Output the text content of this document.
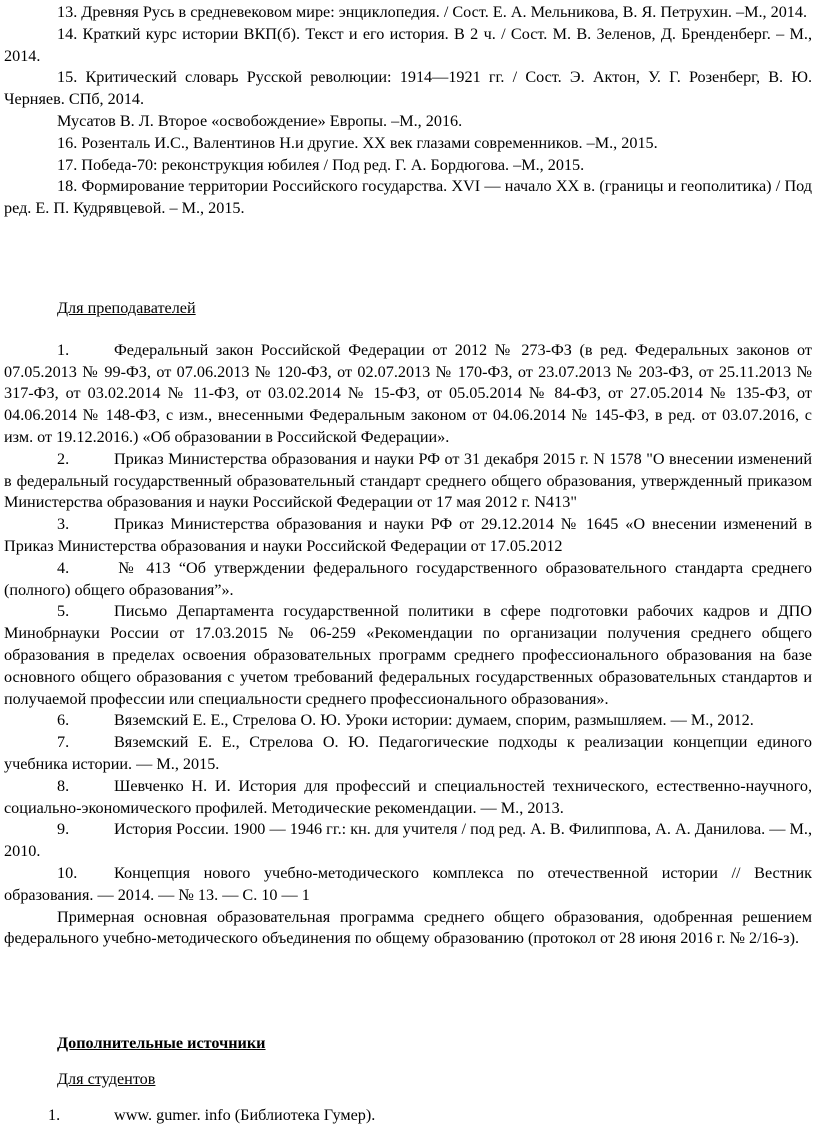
13. Древняя Русь в средневековом мире: энциклопедия. / Сост. Е. А. Мельникова, В. Я. Петрухин. –М., 2014.

14. Краткий курс истории ВКП(б). Текст и его история. В 2 ч. / Сост. М. В. Зеленов, Д. Бренденберг. – М., 2014.

15. Критический словарь Русской революции: 1914—1921 гг. / Сост. Э. Актон, У. Г. Розенберг, В. Ю. Черняев. СПб, 2014.

Мусатов В. Л. Второе «освобождение» Европы. –М., 2016.

16. Розенталь И.С., Валентинов Н.и другие. ХХ век глазами современников. –М., 2015.

17. Победа-70: реконструкция юбилея / Под ред. Г. А. Бордюгова. –М., 2015.

18. Формирование территории Российского государства. XVI — начало XX в. (границы и геополитика) / Под ред. Е. П. Кудрявцевой. – М., 2015.

Для преподавателей

1.	Федеральный закон Российской Федерации от 2012 № 273-ФЗ (в ред. Федеральных законов от 07.05.2013 № 99-ФЗ, от 07.06.2013 № 120-ФЗ, от 02.07.2013 № 170-ФЗ, от 23.07.2013 № 203-ФЗ, от 25.11.2013 № 317-ФЗ, от 03.02.2014 № 11-ФЗ, от 03.02.2014 № 15-ФЗ, от 05.05.2014 № 84-ФЗ, от 27.05.2014 № 135-ФЗ, от 04.06.2014 № 148-ФЗ, с изм., внесенными Федеральным законом от 04.06.2014 № 145-ФЗ, в ред. от 03.07.2016, с изм. от 19.12.2016.) «Об образовании в Российской Федерации».

2.	Приказ Министерства образования и науки РФ от 31 декабря 2015 г. N 1578 "О внесении изменений в федеральный государственный образовательный стандарт среднего общего образования, утвержденный приказом Министерства образования и науки Российской Федерации от 17 мая 2012 г. N413"

3.	Приказ Министерства образования и науки РФ от 29.12.2014 № 1645 «О внесении изменений в Приказ Министерства образования и науки Российской Федерации от 17.05.2012

4.	№ 413 “Об утверждении федерального государственного образовательного стандарта среднего (полного) общего образования”».

5.	Письмо Департамента государственной политики в сфере подготовки рабочих кадров и ДПО Минобрнауки России от 17.03.2015 № 06-259 «Рекомендации по организации получения среднего общего образования в пределах освоения образовательных программ среднего профессионального образования на базе основного общего образования с учетом требований федеральных государственных образовательных стандартов и получаемой профессии или специальности среднего профессионального образования».

6.	Вяземский Е. Е., Стрелова О. Ю. Уроки истории: думаем, спорим, размышляем. — М., 2012.

7.	Вяземский Е. Е., Стрелова О. Ю. Педагогические подходы к реализации концепции единого учебника истории. — М., 2015.

8.	Шевченко Н. И. История для профессий и специальностей технического, естественно-научного, социально-экономического профилей. Методические рекомендации. — М., 2013.

9.	История России. 1900 — 1946 гг.: кн. для учителя / под ред. А. В. Филиппова, А. А. Данилова. — М., 2010.

10. Концепция нового учебно-методического комплекса по отечественной истории // Вестник образования. — 2014. — № 13. — С. 10 — 1

Примерная основная образовательная программа среднего общего образования, одобренная решением федерального учебно-методического объединения по общему образованию (протокол от 28 июня 2016 г. № 2/16-з).

Дополнительные источники

Для студентов

1.	www. gumer. info (Библиотека Гумер).
